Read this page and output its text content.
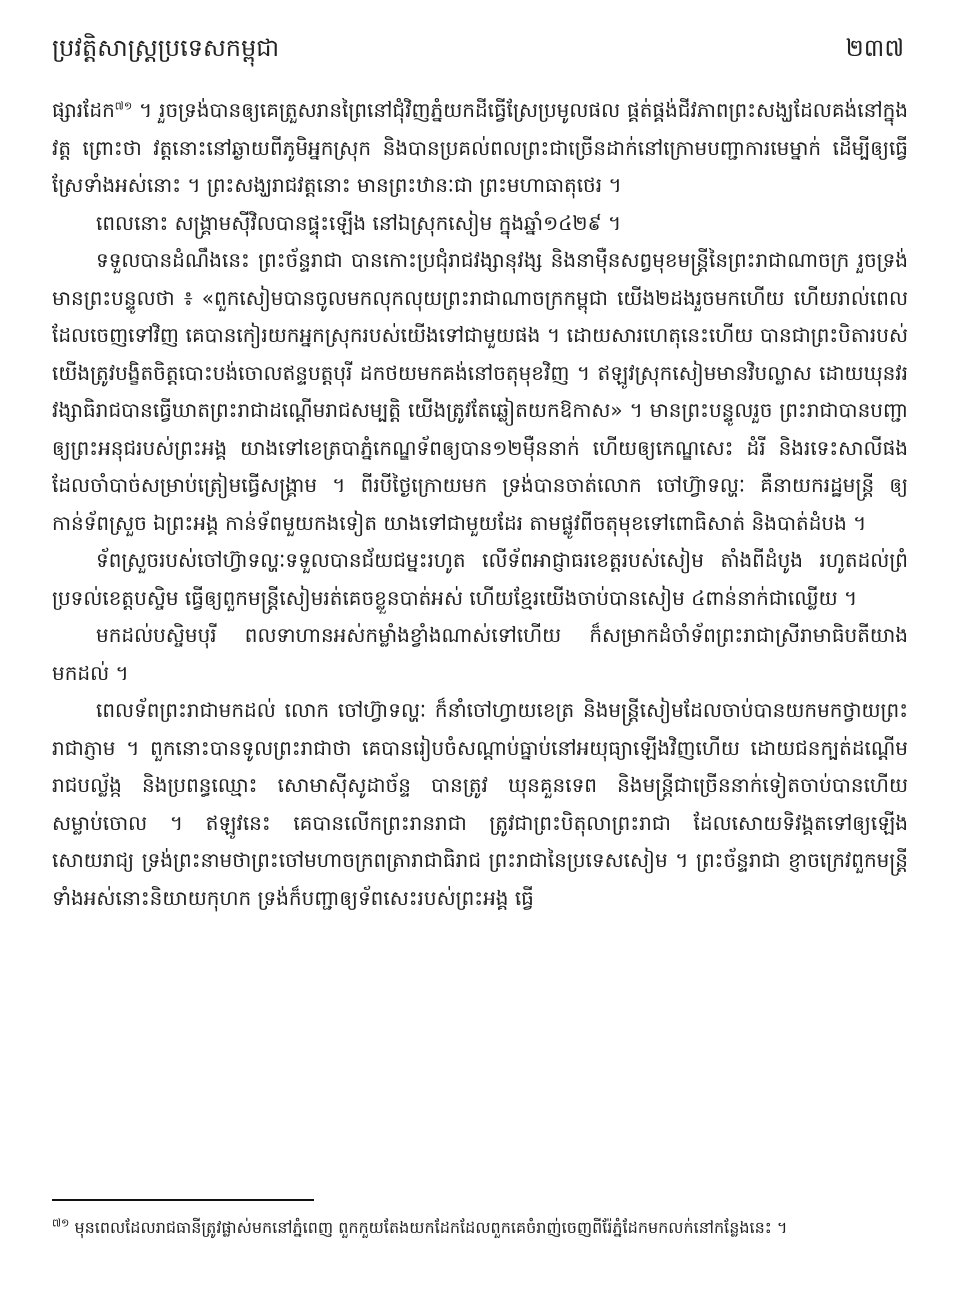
ប្រវត្តិសាស្ត្រប្រទេសកម្ពុជា	២៣៧

ផ្សារដែក$^{៧១}$ ។ រួចទ្រង់បានឲ្យគេត្រួសរានព្រៃនៅជុំវិញភ្នំយកដីធ្វើស្រែប្រមូលផល ផ្គត់ផ្គង់ជីវភាពព្រះសង្ឃដែលគង់នៅក្នុងវត្ត ព្រោះថា វត្តនោះនៅឆ្ងាយពីភូមិអ្នកស្រុក និងបានប្រគល់ពលព្រះជាច្រើនដាក់នៅក្រោមបញ្ជាការមេម្នាក់ ដើម្បីឲ្យធ្វើស្រែទាំងអស់នោះ ។ ព្រះសង្ឃរាជវត្តនោះ មានព្រះឋានៈជា ព្រះមហាធាតុថេរ ។

ពេលនោះ សង្គ្រាមស៊ីវិលបានផ្ទុះឡើង នៅឯស្រុកសៀម ក្នុងឆ្នាំ១៤២៩ ។

ទទួលបានដំណឹងនេះ ព្រះច័ន្ទរាជា បានកោះប្រជុំរាជវង្សានុវង្ស និងនាម៉ឺនសព្វមុខមន្ត្រីនៃព្រះរាជាណាចក្រ រួចទ្រង់មានព្រះបន្ទូលថា ៖ «ពួកសៀមបានចូលមកលុកលុយព្រះរាជាណាចក្រកម្ពុជា យើង២ដងរួចមកហើយ ហើយរាល់ពេលដែលចេញទៅវិញ គេបានកៀរយកអ្នកស្រុករបស់យើងទៅជាមួយផង ។ ដោយសារហេតុនេះហើយ បានជាព្រះបិតារបស់យើងត្រូវបង្ខិតចិត្តបោះបង់ចោលឥន្ទបត្តបុរី ដកថយមកគង់នៅចតុមុខវិញ ។ ឥឡូវស្រុកសៀមមានវិបល្លាស ដោយឃុនវរវង្សាធិរាជបានធ្វើឃាតព្រះរាជាដណ្តើមរាជសម្បត្តិ យើងត្រូវតែឆ្លៀតយកឱកាស» ។ មានព្រះបន្ទូលរួច ព្រះរាជាបានបញ្ជាឲ្យព្រះអនុជរបស់ព្រះអង្គ យាងទៅខេត្របាភ្នំកេណ្ឌទ័ពឲ្យបាន១២ម៉ឺននាក់ ហើយឲ្យកេណ្ឌសេះ ដំរី និងរទេះសាលីផង ដែលចាំបាច់សម្រាប់ត្រៀមធ្វើសង្គ្រាម ។ ពីរបីថ្ងៃក្រោយមក ទ្រង់បានចាត់លោក ចៅហ៊្វាទល្ហៈ គឺនាយករដ្ឋមន្ត្រី ឲ្យកាន់ទ័ពស្រួច ឯព្រះអង្គ កាន់ទ័ពមួយកងទៀត យាងទៅជាមួយដែរ តាមផ្លូវពីចតុមុខទៅពោធិសាត់ និងបាត់ដំបង ។

ទ័ពស្រួចរបស់ចៅហ៊្វាទល្ហៈទទួលបានជ័យជម្នះរហូត លើទ័ពអាជ្ញាធរខេត្តរបស់សៀម តាំងពីដំបូង រហូតដល់ព្រំប្រទល់ខេត្តបស្ចិម ធ្វើឲ្យពួកមន្ត្រីសៀមរត់គេចខ្លួនបាត់អស់ ហើយខ្មែរយើងចាប់បានសៀម ៤ពាន់នាក់ជាឈ្លើយ ។

មកដល់បស្ចិមបុរី ពលទាហានអស់កម្លាំងខ្វាំងណាស់ទៅហើយ ក៏សម្រាកដំចាំទ័ពព្រះរាជាស្រីរាមាធិបតីយាងមកដល់ ។

ពេលទ័ពព្រះរាជាមកដល់ លោក ចៅហ៊្វាទល្ហៈ ក៏នាំចៅហ្វាយខេត្រ និងមន្ត្រីសៀមដែលចាប់បានយកមកថ្វាយព្រះរាជាភ្ញាម ។ ពួកនោះបានទូលព្រះរាជាថា គេបានរៀបចំសណ្តាប់ធ្នាប់នៅអយុធ្យាឡើងវិញហើយ ដោយជនក្បត់ដណ្តើមរាជបល្ល័ង្ក និងប្រពន្ធឈ្មោះ សោមាស៊ីសូដាច័ន្ទ បានត្រូវ ឃុនគួនទេព និងមន្ត្រីជាច្រើននាក់ទៀតចាប់បានហើយសម្លាប់ចោល ។ ឥឡូវនេះ គេបានលើកព្រះរានរាជា ត្រូវជាព្រះបិតុលាព្រះរាជា ដែលសោយទិវង្គតទៅឲ្យឡើងសោយរាជ្យ ទ្រង់ព្រះនាមថាព្រះចៅមហាចក្រពត្រារាជាធិរាជ ព្រះរាជានៃប្រទេសសៀម ។ ព្រះច័ន្ទរាជា ខ្ញាចក្រេវពួកមន្ត្រីទាំងអស់នោះនិយាយកុហក ទ្រង់ក៏បញ្ជាឲ្យទ័ពសេះរបស់ព្រះអង្គ ធ្វើ

$^{៧១}$ មុនពេលដែលរាជធានីត្រូវផ្លាស់មកនៅភ្នំពេញ ពួកកួយតែងយកដែកដែលពួកគេចំរាញ់ចេញពីរ៉ែភ្នំដែកមកលក់នៅកន្លែងនេះ ។
